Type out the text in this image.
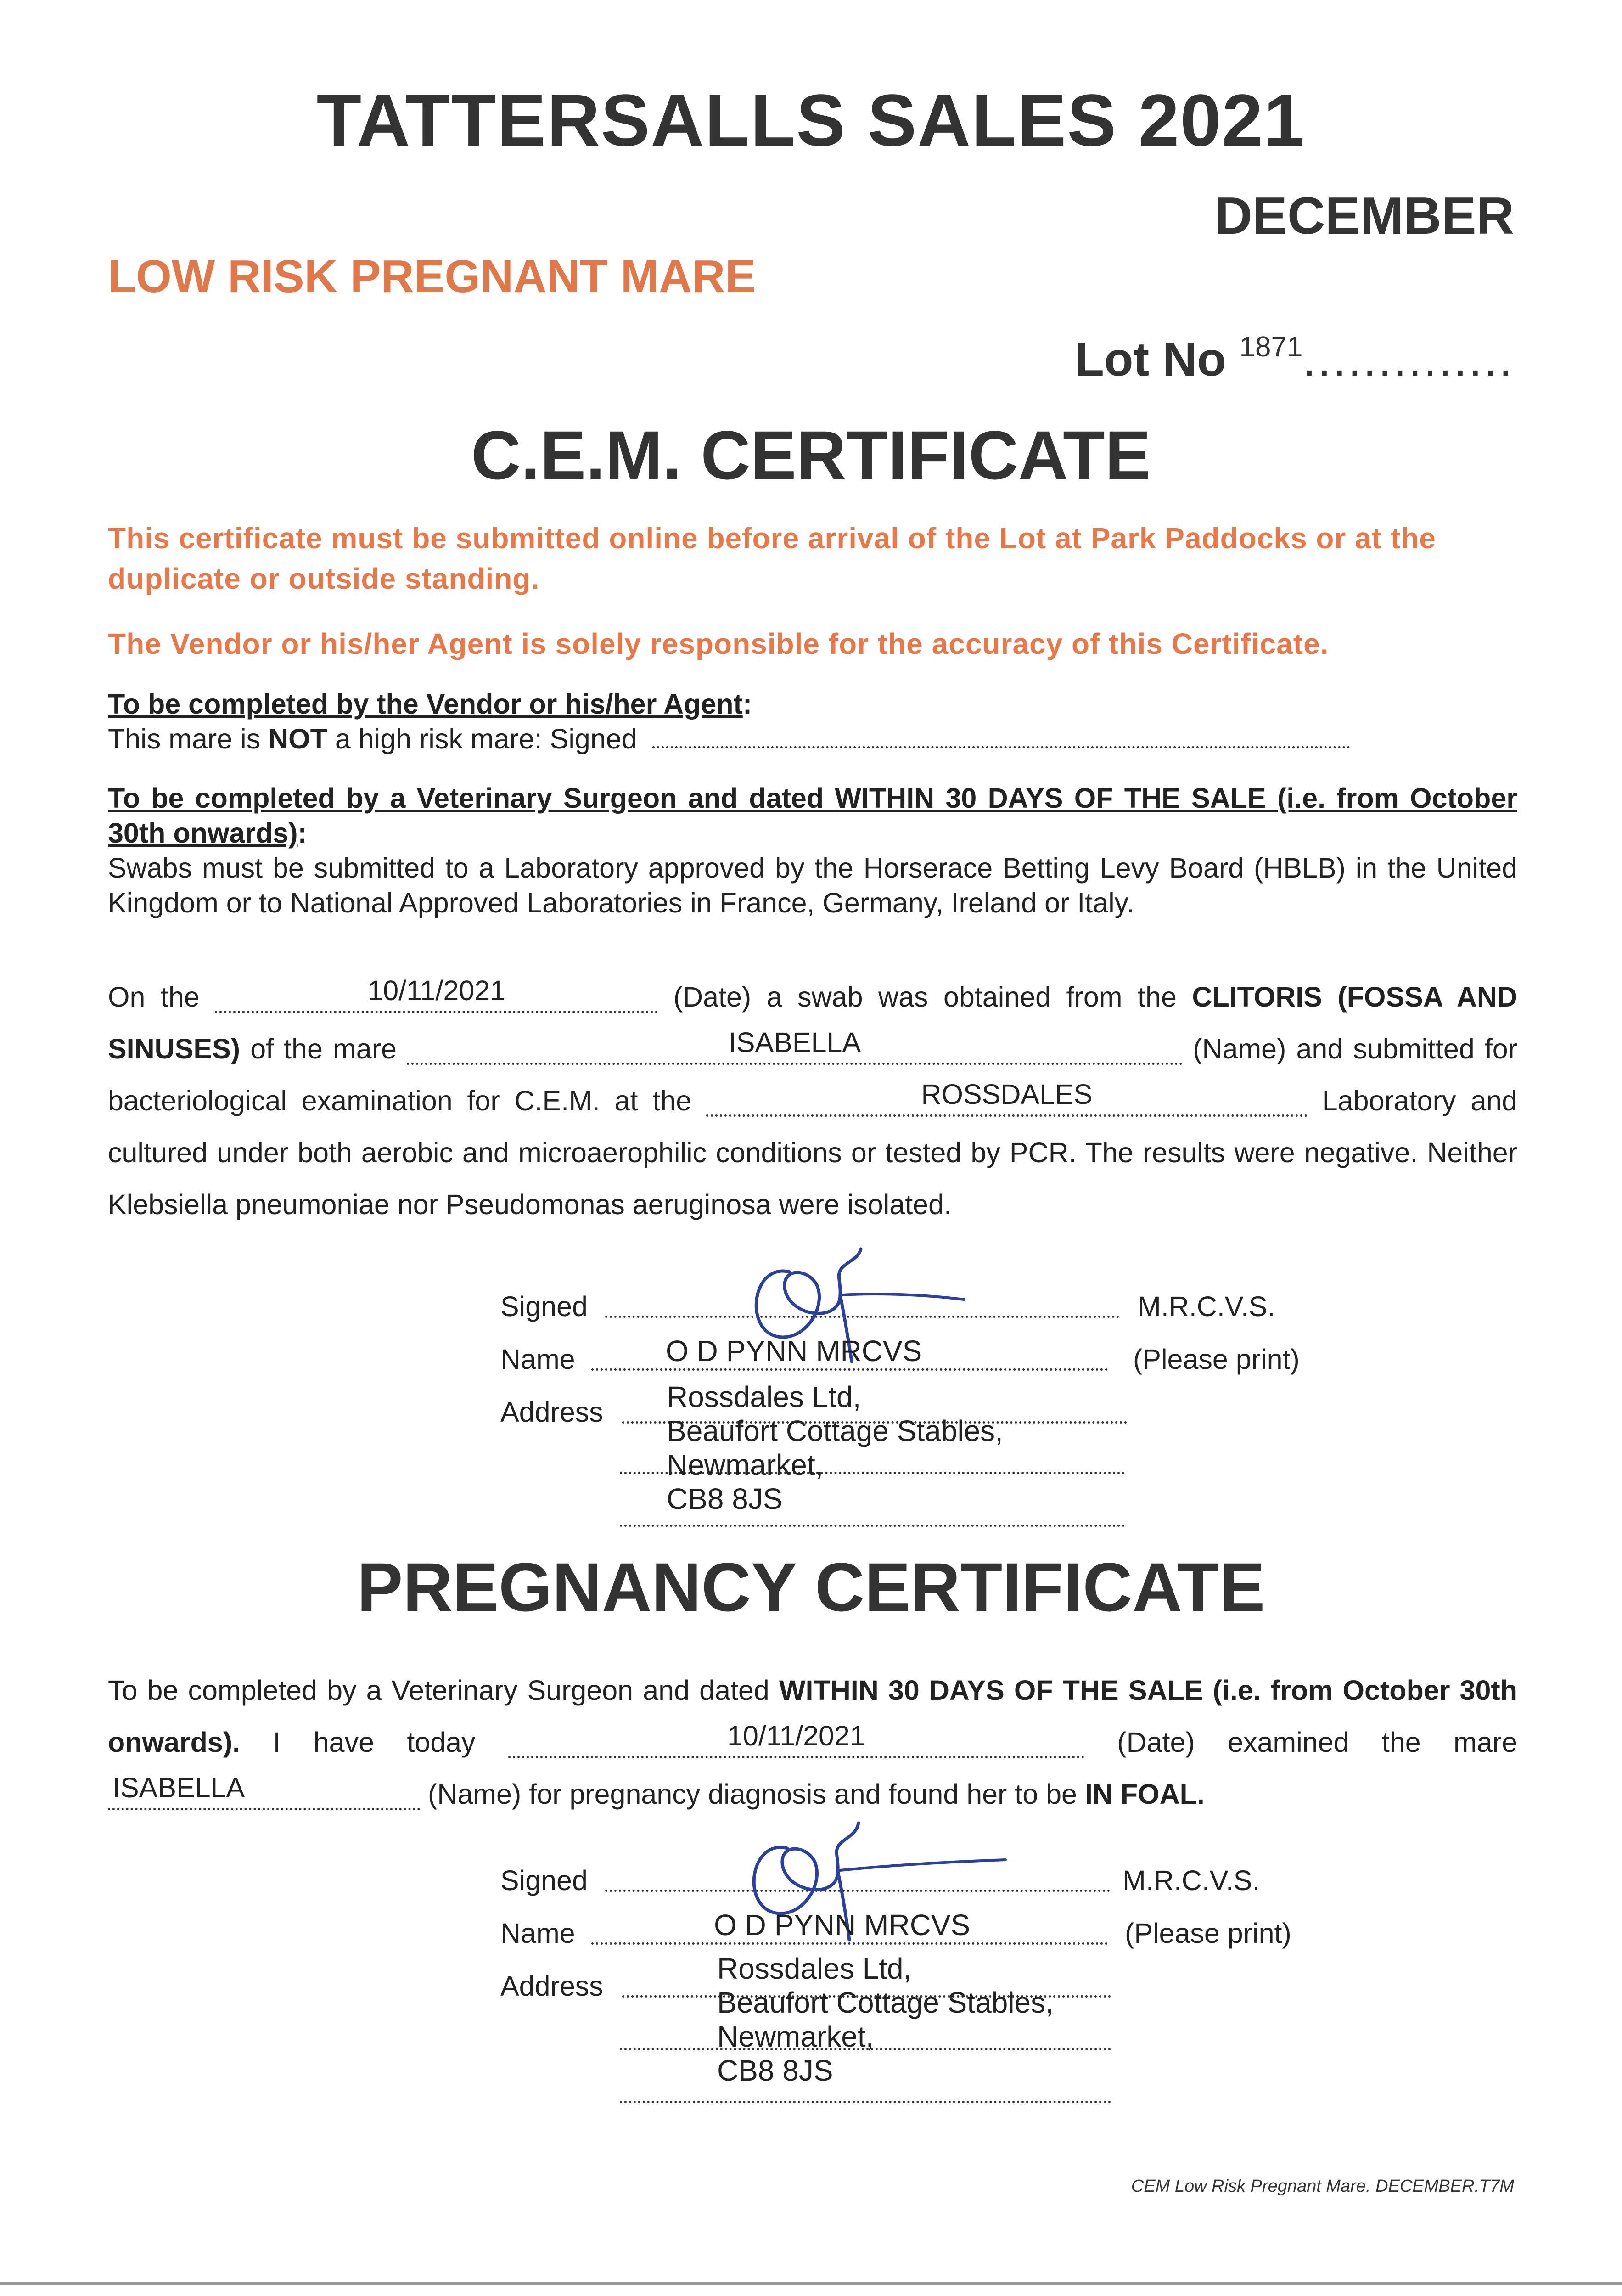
TATTERSALLS SALES 2021
DECEMBER
LOW RISK PREGNANT MARE
Lot No $^{1871}$..............
C.E.M. CERTIFICATE
This certificate must be submitted online before arrival of the Lot at Park Paddocks or at the duplicate or outside standing.
The Vendor or his/her Agent is solely responsible for the accuracy of this Certificate.
To be completed by the Vendor or his/her Agent:
This mare is NOT a high risk mare: Signed
To be completed by a Veterinary Surgeon and dated WITHIN 30 DAYS OF THE SALE (i.e. from October 30th onwards):
Swabs must be submitted to a Laboratory approved by the Horserace Betting Levy Board (HBLB) in the United Kingdom or to National Approved Laboratories in France, Germany, Ireland or Italy.
On the	10/11/2021	(Date) a swab was obtained from the CLITORIS (FOSSA AND SINUSES) of the mare	ISABELLA	(Name) and submitted for bacteriological examination for C.E.M. at the	ROSSDALES	Laboratory and cultured under both aerobic and microaerophilic conditions or tested by PCR. The results were negative. Neither Klebsiella pneumoniae nor Pseudomonas aeruginosa were isolated.
Signed	M.R.C.V.S.
Name	O D PYNN MRCVS	(Please print)
Address Rossdales Ltd,
Beaufort Cottage Stables,
Newmarket,
CB8 8JS
PREGNANCY CERTIFICATE
To be completed by a Veterinary Surgeon and dated WITHIN 30 DAYS OF THE SALE (i.e. from October 30th onwards). I have today	10/11/2021	(Date) examined the mare
ISABELLA	(Name) for pregnancy diagnosis and found her to be IN FOAL.
Signed	M.R.C.V.S.
Name	O D PYNN MRCVS	(Please print)
Address
Rossdales Ltd,
Beaufort Cottage Stables,
Newmarket,
CB8 8JS
CEM Low Risk Pregnant Mare. DECEMBER.T7M
